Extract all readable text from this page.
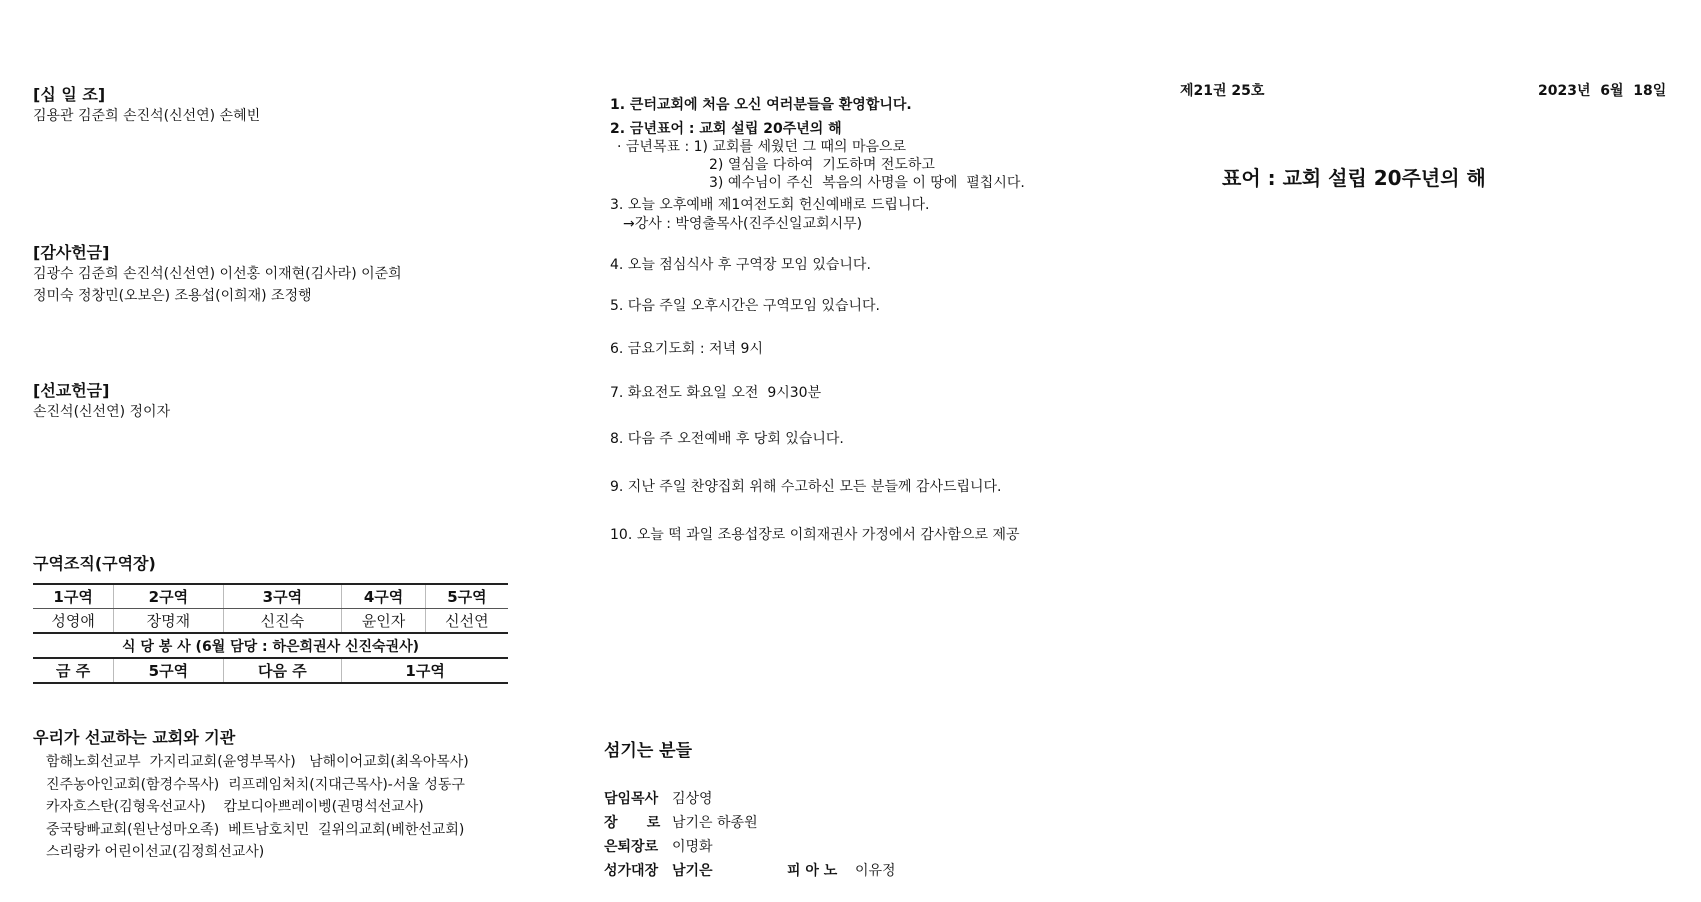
제21권 25호	2023년  6월  18일
표어 : 교회 설립 20주년의 해
[십 일 조]
김용관 김준희 손진석(신선연) 손혜빈
[감사헌금]
김광수 김준희 손진석(신선연) 이선홍 이재현(김사라) 이준희
정미숙 정창민(오보은) 조용섭(이희재) 조정행
[선교헌금]
손진석(신선연) 정이자
구역조직(구역장)
1구역	2구역	3구역	4구역	5구역
성영애	장명재	신진숙	윤인자	신선연
식 당 봉 사 (6월 담당 : 하은희권사 신진숙권사)				
금 주	5구역	다음 주	1구역	
우리가 선교하는 교회와 기관
함해노회선교부  가지리교회(윤영부목사)   남해이어교회(최옥아목사)
진주농아인교회(함경수목사)  리프레임처치(지대근목사)-서울 성동구
카자흐스탄(김형욱선교사)    캄보디아쁘레이벵(권명석선교사)
중국탕빠교회(원난성마오족)  베트남호치민  길위의교회(베한선교회)
스리랑카 어린이선교(김정희선교사)
1. 큰터교회에 처음 오신 여러분들을 환영합니다.
2. 금년표어 : 교회 설립 20주년의 해
· 금년목표 : 1) 교회를 세웠던 그 때의 마음으로
2) 열심을 다하여  기도하며 전도하고
3) 예수님이 주신  복음의 사명을 이 땅에  펼칩시다.
3. 오늘 오후예배 제1여전도회 헌신예배로 드립니다.
→강사 : 박영출목사(진주신일교회시무)
4. 오늘 점심식사 후 구역장 모임 있습니다.
5. 다음 주일 오후시간은 구역모임 있습니다.
6. 금요기도회 : 저녁 9시
7. 화요전도 화요일 오전  9시30분
8. 다음 주 오전예배 후 당회 있습니다.
9. 지난 주일 찬양집회 위해 수고하신 모든 분들께 감사드립니다.
10. 오늘 떡 과일 조용섭장로 이희재권사 가정에서 감사함으로 제공
섬기는 분들
담임목사 김상영
장      로 남기은 하종원
은퇴장로 이명화
성가대장 남기은	피 아 노 이유정
